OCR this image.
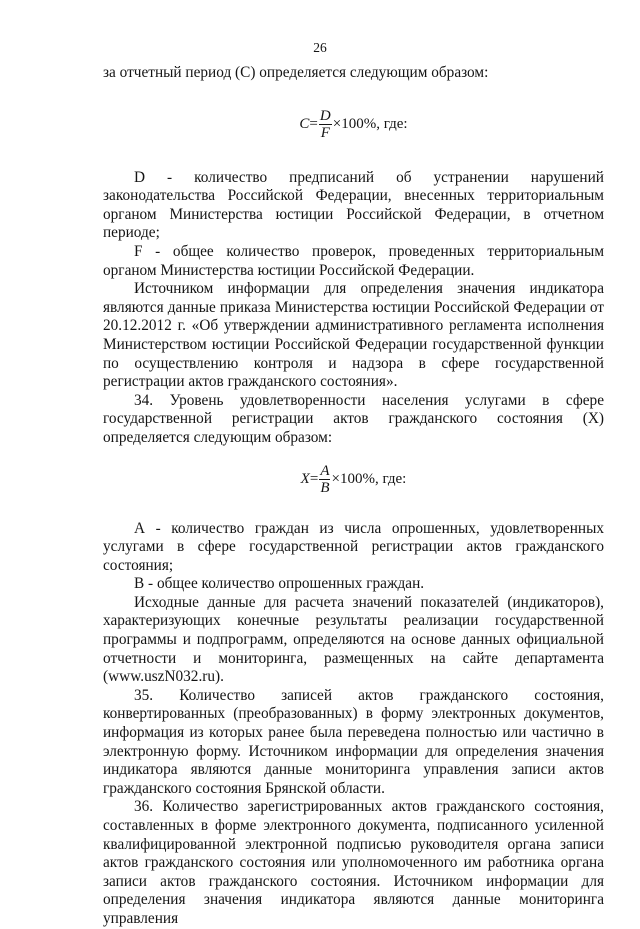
26

за отчетный период (С) определяется следующим образом:

$C = \frac{D}{F} \times 100\%$ , где:

D - количество предписаний об устранении нарушений законодательства Российской Федерации, внесенных территориальным органом Министерства юстиции Российской Федерации, в отчетном периоде;

F - общее количество проверок, проведенных территориальным органом Министерства юстиции Российской Федерации.

Источником информации для определения значения индикатора являются данные приказа Министерства юстиции Российской Федерации от 20.12.2012 г. «Об утверждении административного регламента исполнения Министерством юстиции Российской Федерации государственной функции по осуществлению контроля и надзора в сфере государственной регистрации актов гражданского состояния».

34. Уровень удовлетворенности населения услугами в сфере государственной регистрации актов гражданского состояния (Х) определяется следующим образом:

$X = \frac{A}{B} \times 100\%$ , где:

А - количество граждан из числа опрошенных, удовлетворенных услугами в сфере государственной регистрации актов гражданского состояния;

В - общее количество опрошенных граждан.

Исходные данные для расчета значений показателей (индикаторов), характеризующих конечные результаты реализации государственной программы и подпрограмм, определяются на основе данных официальной отчетности и мониторинга, размещенных на сайте департамента (www.uszN032.ru).

35. Количество записей актов гражданского состояния, конвертированных (преобразованных) в форму электронных документов, информация из которых ранее была переведена полностью или частично в электронную форму. Источником информации для определения значения индикатора являются данные мониторинга управления записи актов гражданского состояния Брянской области.

36. Количество зарегистрированных актов гражданского состояния, составленных в форме электронного документа, подписанного усиленной квалифицированной электронной подписью руководителя органа записи актов гражданского состояния или уполномоченного им работника органа записи актов гражданского состояния. Источником информации для определения значения индикатора являются данные мониторинга управления
